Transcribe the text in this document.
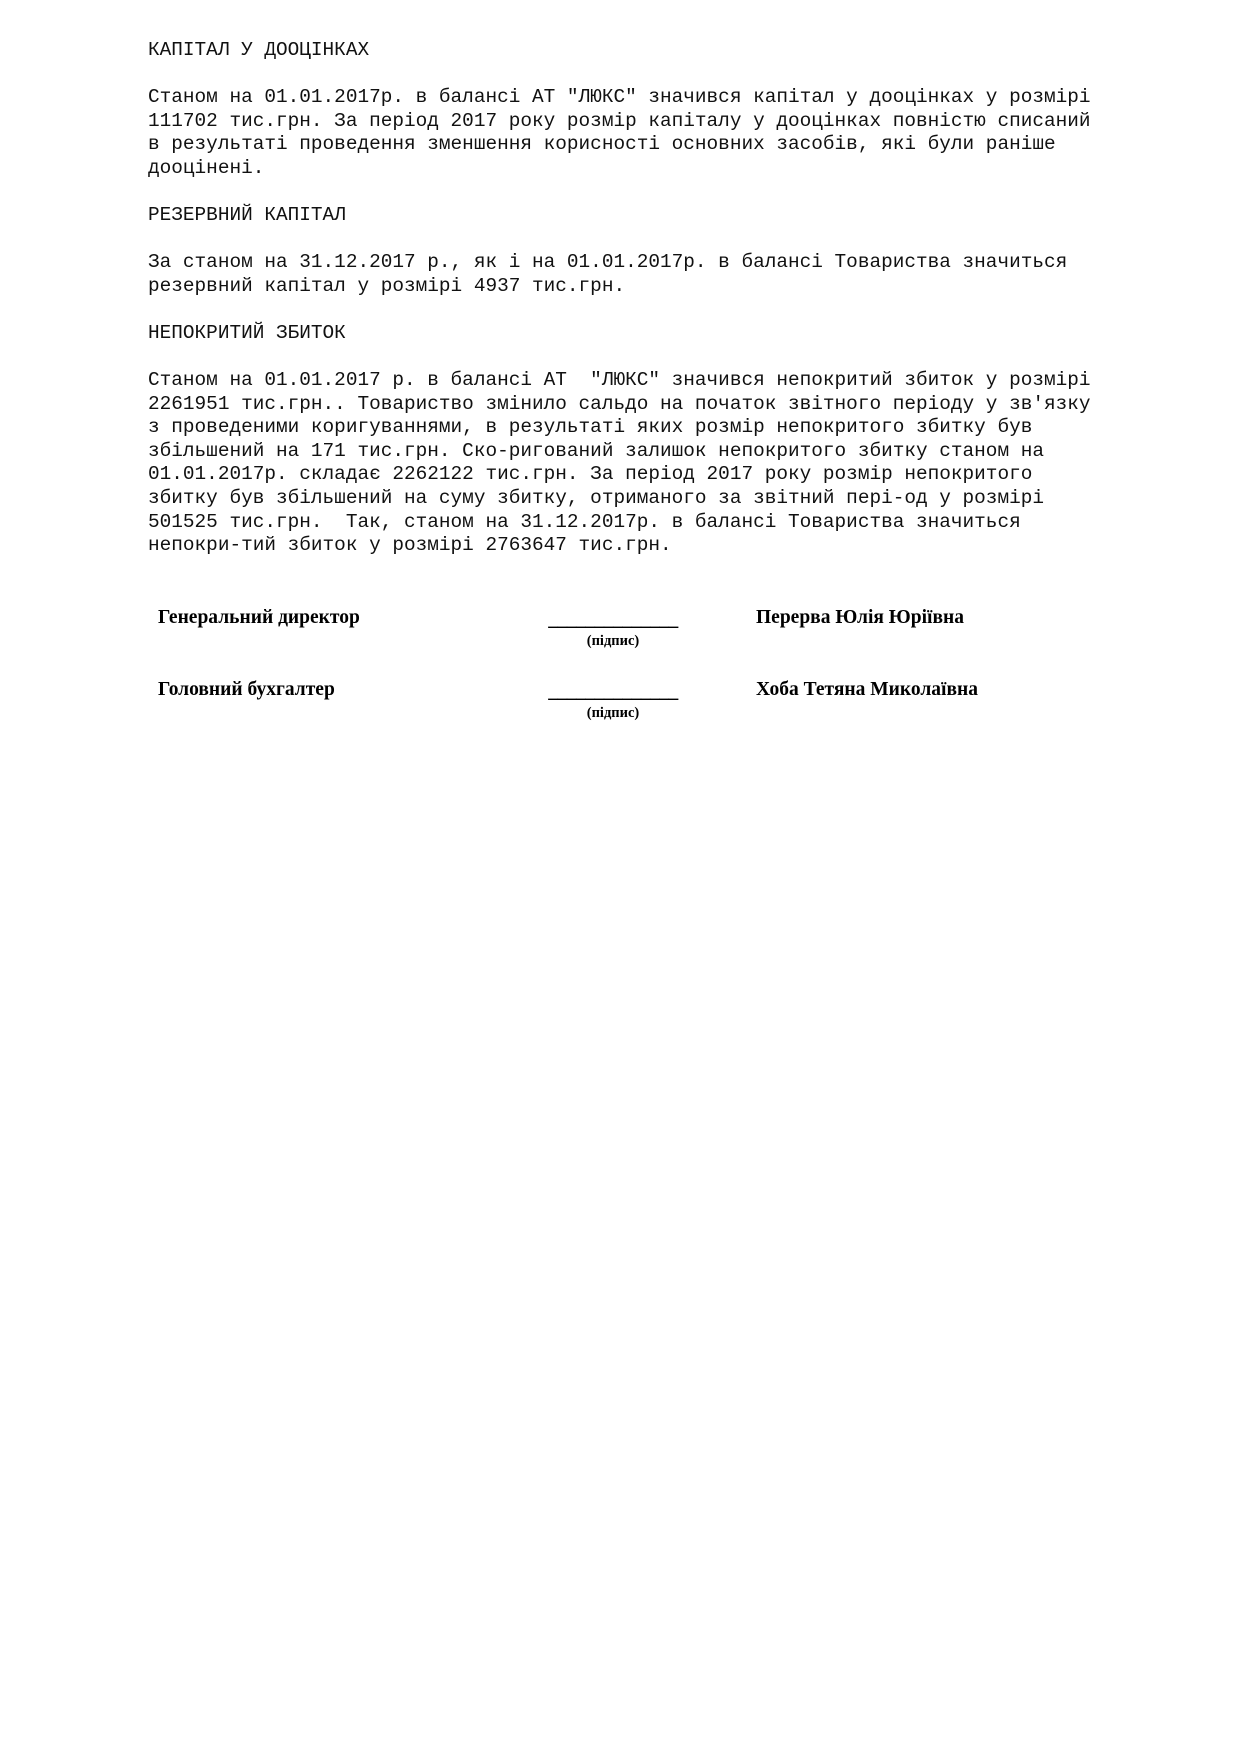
КАПІТАЛ У ДООЦІНКАХ
Станом на 01.01.2017р. в балансі АТ "ЛЮКС" значився капітал у дооцінках у розмірі
111702 тис.грн. За період 2017 року розмір капіталу у дооцінках повністю списаний
в результаті проведення зменшення корисності основних засобів, які були раніше
дооцінені.
РЕЗЕРВНИЙ КАПІТАЛ
За станом на 31.12.2017 р., як і на 01.01.2017р. в балансі Товариства значиться
резервний капітал у розмірі 4937 тис.грн.
НЕПОКРИТИЙ ЗБИТОК
Станом на 01.01.2017 р. в балансі АТ  "ЛЮКС" значився непокритий збиток у розмірі
2261951 тис.грн.. Товариство змінило сальдо на початок звітного періоду у зв'язку
з проведеними коригуваннями, в результаті яких розмір непокритого збитку був
збільшений на 171 тис.грн. Ско-ригований залишок непокритого збитку станом на
01.01.2017р. складає 2262122 тис.грн. За період 2017 року розмір непокритого
збитку був збільшений на суму збитку, отриманого за звітний пері-од у розмірі
501525 тис.грн.  Так, станом на 31.12.2017р. в балансі Товариства значиться
непокри-тий збиток у розмірі 2763647 тис.грн.
Генеральний директор	______________
(підпис)
Перерва Юлія Юріївна
Головний бухгалтер	______________
(підпис)
Хоба Тетяна Миколаївна
